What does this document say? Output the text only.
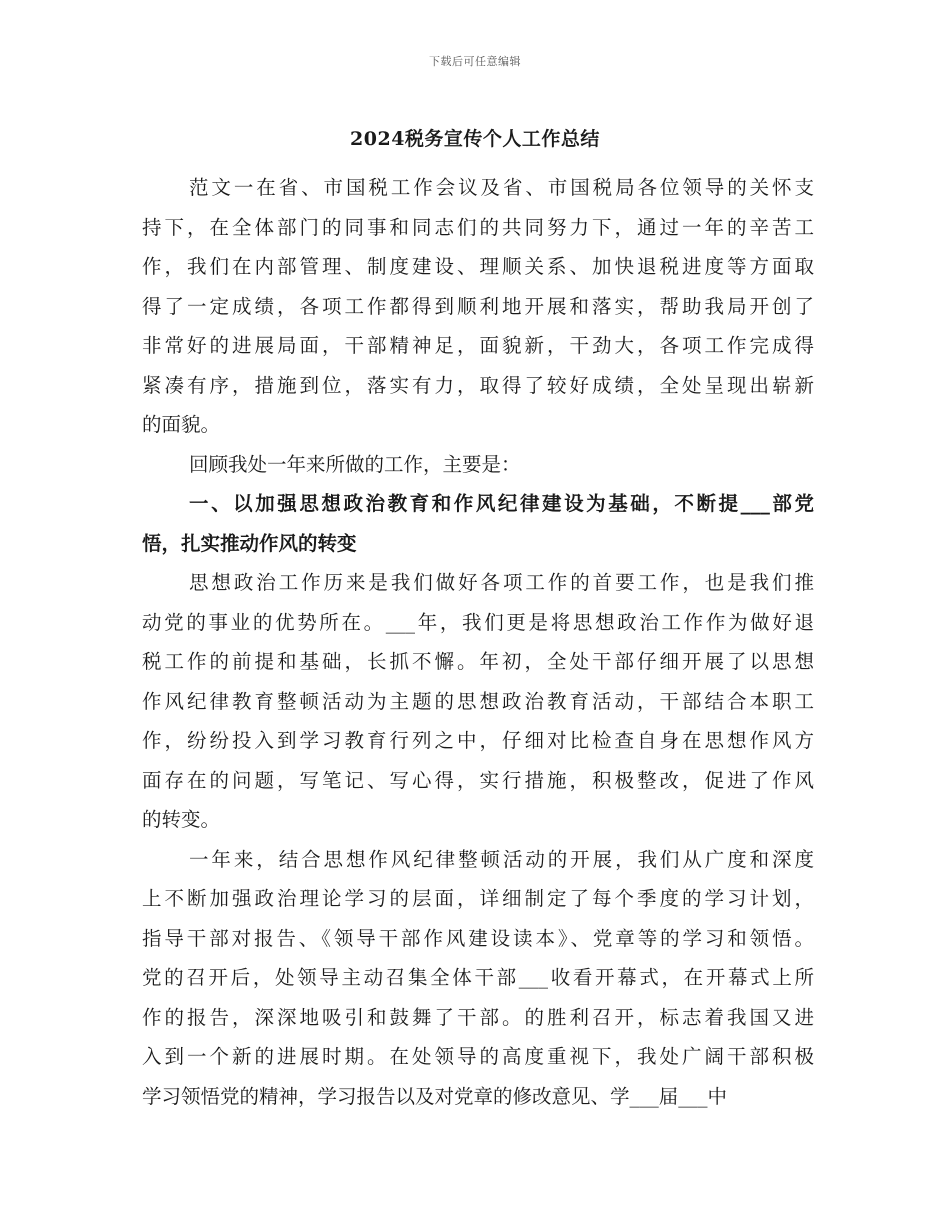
下载后可任意编辑
2024税务宣传个人工作总结
范文一在省、市国税工作会议及省、市国税局各位领导的关怀支
持下，在全体部门的同事和同志们的共同努力下，通过一年的辛苦工
作，我们在内部管理、制度建设、理顺关系、加快退税进度等方面取
得了一定成绩，各项工作都得到顺利地开展和落实，帮助我局开创了
非常好的进展局面，干部精神足，面貌新，干劲大，各项工作完成得
紧凑有序，措施到位，落实有力，取得了较好成绩，全处呈现出崭新
的面貌。
回顾我处一年来所做的工作，主要是：
一、以加强思想政治教育和作风纪律建设为基础，不断提___部党
悟，扎实推动作风的转变
思想政治工作历来是我们做好各项工作的首要工作，也是我们推
动党的事业的优势所在。___年，我们更是将思想政治工作作为做好退
税工作的前提和基础，长抓不懈。年初，全处干部仔细开展了以思想
作风纪律教育整顿活动为主题的思想政治教育活动，干部结合本职工
作，纷纷投入到学习教育行列之中，仔细对比检查自身在思想作风方
面存在的问题，写笔记、写心得，实行措施，积极整改，促进了作风
的转变。
一年来，结合思想作风纪律整顿活动的开展，我们从广度和深度
上不断加强政治理论学习的层面，详细制定了每个季度的学习计划，
指导干部对报告、《领导干部作风建设读本》、党章等的学习和领悟。
党的召开后，处领导主动召集全体干部___收看开幕式，在开幕式上所
作的报告，深深地吸引和鼓舞了干部。的胜利召开，标志着我国又进
入到一个新的进展时期。在处领导的高度重视下，我处广阔干部积极
学习领悟党的精神，学习报告以及对党章的修改意见、学___届___中
